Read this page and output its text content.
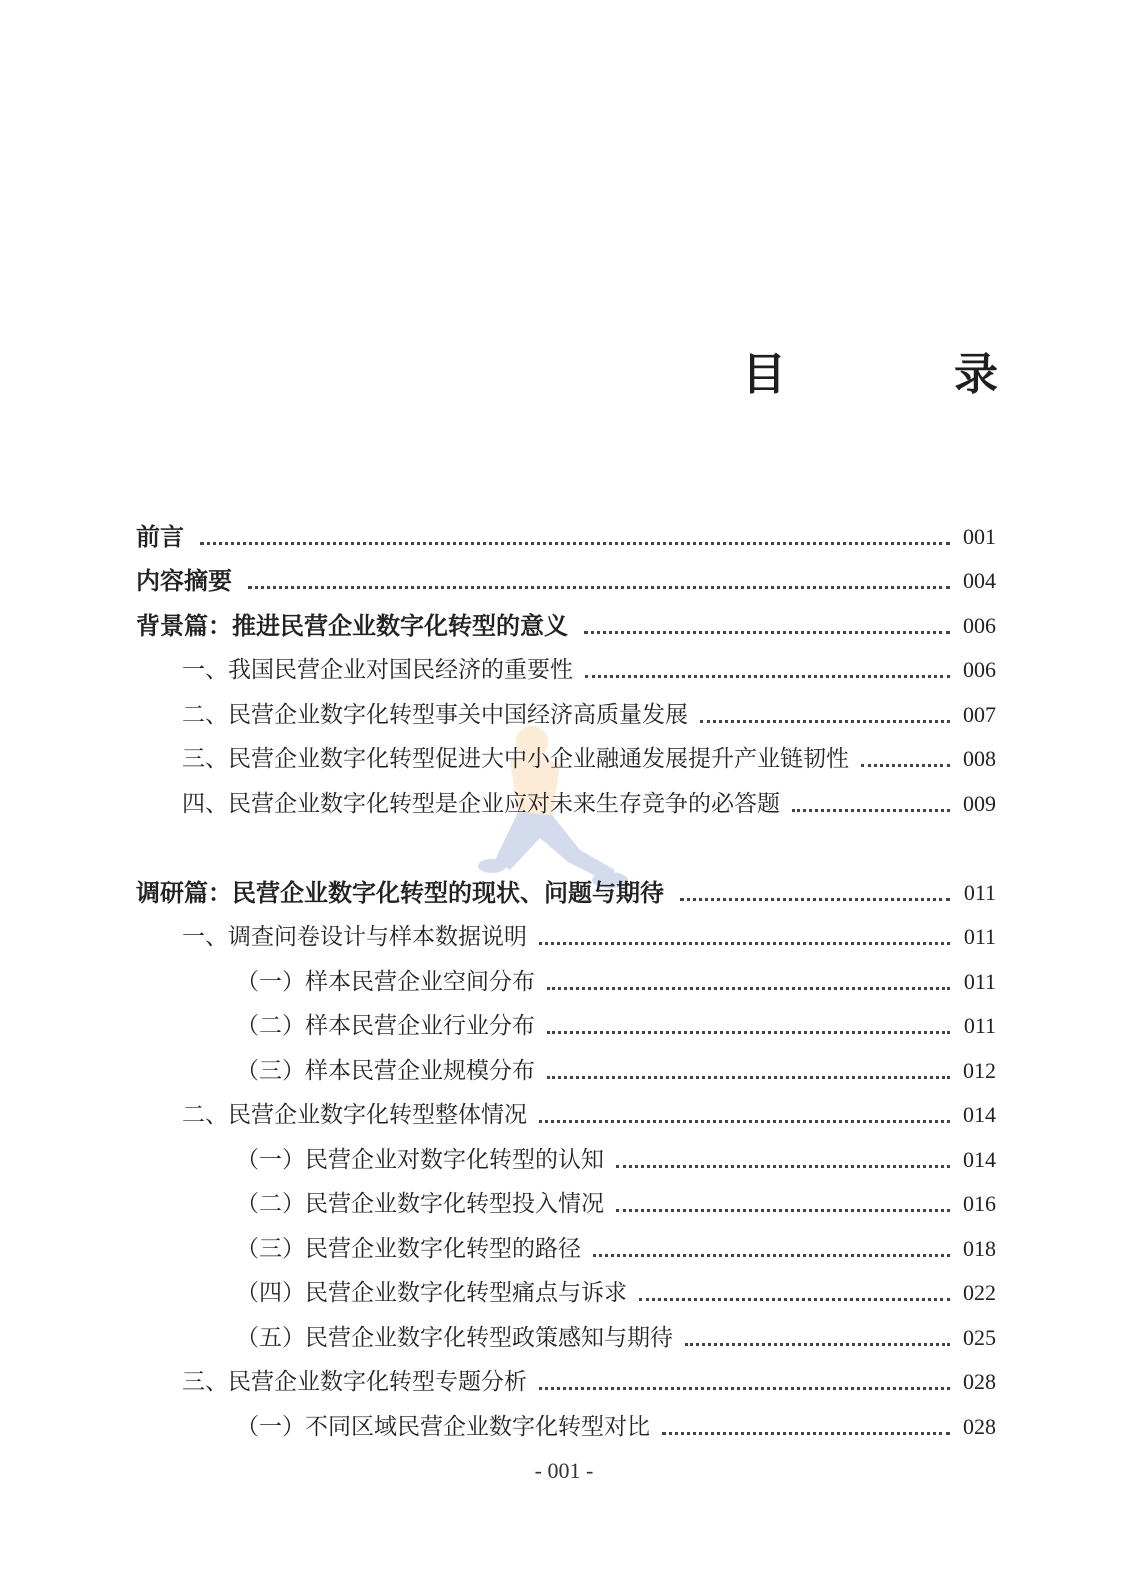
目　录
前言	001
内容摘要	004
背景篇：推进民营企业数字化转型的意义	006
一、我国民营企业对国民经济的重要性	006
二、民营企业数字化转型事关中国经济高质量发展	007
三、民营企业数字化转型促进大中小企业融通发展提升产业链韧性	008
四、民营企业数字化转型是企业应对未来生存竞争的必答题	009
调研篇：民营企业数字化转型的现状、问题与期待	011
一、调查问卷设计与样本数据说明	011
（一）样本民营企业空间分布	011
（二）样本民营企业行业分布	011
（三）样本民营企业规模分布	012
二、民营企业数字化转型整体情况	014
（一）民营企业对数字化转型的认知	014
（二）民营企业数字化转型投入情况	016
（三）民营企业数字化转型的路径	018
（四）民营企业数字化转型痛点与诉求	022
（五）民营企业数字化转型政策感知与期待	025
三、民营企业数字化转型专题分析	028
（一）不同区域民营企业数字化转型对比	028
- 001 -
